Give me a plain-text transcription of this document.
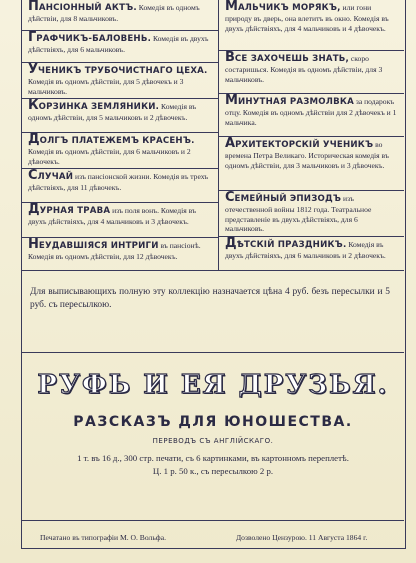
ПАНСІОННЫЙ АКТЪ. Комедія въ одномъ дѣйствіи, для 8 мальчиковъ.
ГРАФЧИКЪ-БАЛОВЕНЬ. Комедія въ двухъ дѣйствіяхъ, для 6 мальчиковъ.
УЧЕНИКЪ ТРУБОЧИСТНАГО ЦЕХА. Комедія въ одномъ дѣйствіи, для 5 дѣвочекъ и 3 мальчиковъ.
КОРЗИНКА ЗЕМЛЯНИКИ. Комедія въ одномъ дѣйствіи, для 5 мальчиковъ и 2 дѣвочекъ.
ДОЛГЪ ПЛАТЕЖЕМЪ КРАСЕНЪ. Комедія въ одномъ дѣйствіи, для 6 мальчиковъ и 2 дѣвочекъ.
СЛУЧАЙ изъ пансіонской жизни. Комедія въ трехъ дѣйствіяхъ, для 11 дѣвочекъ.
ДУРНАЯ ТРАВА изъ поля вонъ. Комедія въ двухъ дѣйствіяхъ, для 4 мальчиковъ и 3 дѣвочекъ.
НЕУДАВШІЯСЯ ИНТРИГИ въ пансіонѣ. Комедія въ одномъ дѣйствіи, для 12 дѣвочекъ.
МАЛЬЧИКЪ МОРЯКЪ, или гони природу въ дверь, она влетитъ въ окно. Комедія въ двухъ дѣйствіяхъ, для 4 мальчиковъ и 4 дѣвочекъ.
ВСЕ ЗАХОЧЕШЬ ЗНАТЬ, скоро состаришься. Комедія въ одномъ дѣйствіи, для 3 мальчиковъ.
МИНУТНАЯ РАЗМОЛВКА за подарокъ отцу. Комедія въ одномъ дѣйствіи для 2 дѣвочекъ и 1 мальчика.
АРХИТЕКТОРСКІЙ УЧЕНИКЪ во времена Петра Великаго. Историческая комедія въ одномъ дѣйствіи, для 3 мальчиковъ и 3 дѣвочекъ.
СЕМЕЙНЫЙ ЭПИЗОДЪ изъ отечественной войны 1812 года. Театральное представленіе въ двухъ дѣйствіяхъ, для 6 мальчиковъ.
ДѢТСКІЙ ПРАЗДНИКЪ. Комедія въ двухъ дѣйствіяхъ, для 6 мальчиковъ и 2 дѣвочекъ.
Для выписывающихъ полную эту коллекцію назначается цѣна 4 руб. безъ пересылки и 5 руб. съ пересылкою.
РУФЬ И ЕЯ ДРУЗЬЯ.
РАЗСКАЗЪ ДЛЯ ЮНОШЕСТВА.
ПЕРЕВОДЪ СЪ АНГЛІЙСКАГО.
1 т. въ 16 д., 300 стр. печати, съ 6 картинками, въ картонномъ переплетѣ.
Ц. 1 р. 50 к., съ пересылкою 2 р.
Печатано въ типографіи М. О. Вольфа.	Дозволено Цензурою. 11 Августа 1864 г.
